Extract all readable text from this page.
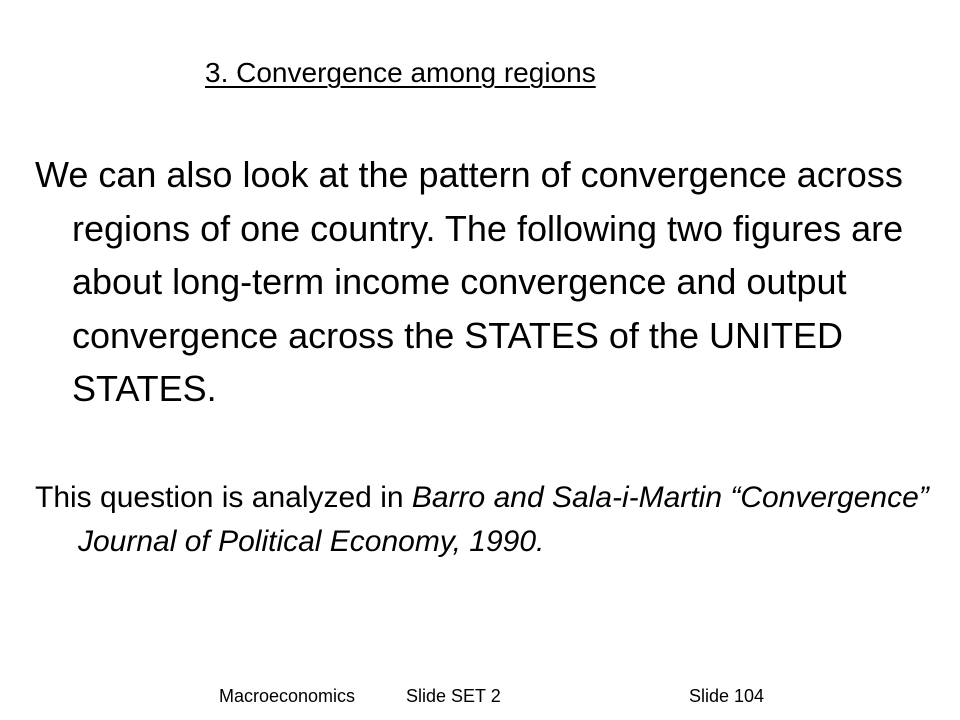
3. Convergence among regions

We can also look at the pattern of convergence across regions of one country. The following two figures are about long-term income convergence and output convergence across the STATES of the UNITED STATES.

This question is analyzed in Barro and Sala-i-Martin “Convergence” Journal of Political Economy, 1990.

Macroeconomics	Slide SET 2	Slide 104
